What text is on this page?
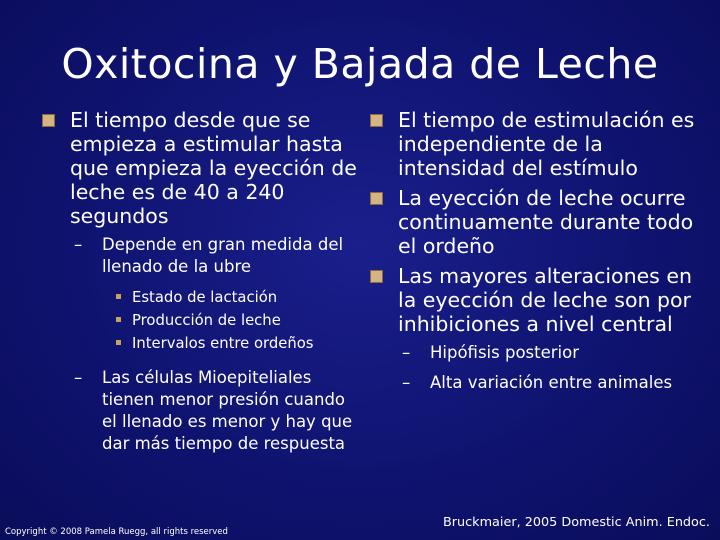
Oxitocina y Bajada de Leche
El tiempo desde que se empieza a estimular hasta que empieza la eyección de leche es de 40 a 240 segundos
– Depende en gran medida del llenado de la ubre
Estado de lactación
Producción de leche
Intervalos entre ordeños
– Las células Mioepiteliales tienen menor presión cuando el llenado es menor y hay que dar más tiempo de respuesta
El tiempo de estimulación es independiente de la intensidad del estímulo
La eyección de leche ocurre continuamente durante todo el ordeño
Las mayores alteraciones en la eyección de leche son por inhibiciones a nivel central
– Hipófisis posterior
– Alta variación entre animales
Copyright © 2008 Pamela Ruegg, all rights reserved
Bruckmaier, 2005 Domestic Anim. Endoc.
